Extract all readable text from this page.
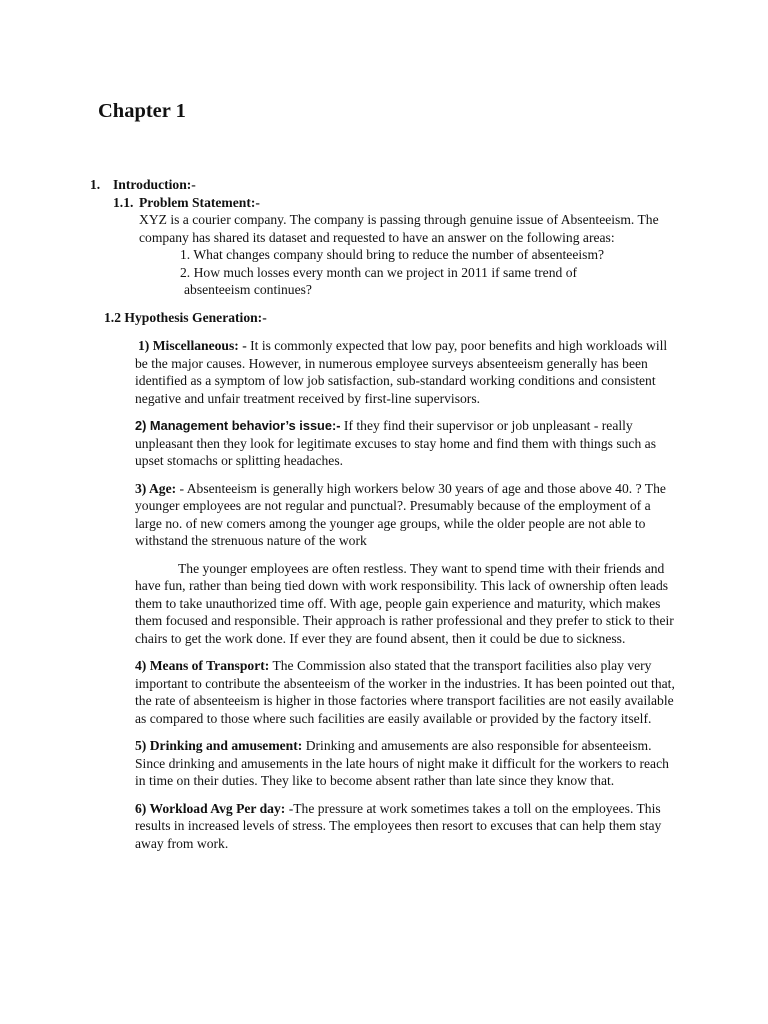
Chapter 1

1. Introduction:-

1.1. Problem Statement:-

XYZ is a courier company. The company is passing through genuine issue of Absenteeism. The company has shared its dataset and requested to have an answer on the following areas:

1. What changes company should bring to reduce the number of absenteeism?

2. How much losses every month can we project in 2011 if same trend of

absenteeism continues?

1.2 Hypothesis Generation:-

1) Miscellaneous: - It is commonly expected that low pay, poor benefits and high workloads will be the major causes. However, in numerous employee surveys absenteeism generally has been identified as a symptom of low job satisfaction, sub-standard working conditions and consistent negative and unfair treatment received by first-line supervisors.

2) Management behavior’s issue:- If they find their supervisor or job unpleasant - really unpleasant then they look for legitimate excuses to stay home and find them with things such as upset stomachs or splitting headaches.

3) Age: - Absenteeism is generally high workers below 30 years of age and those above 40. ? The younger employees are not regular and punctual?. Presumably because of the employment of a large no. of new comers among the younger age groups, while the older people are not able to withstand the strenuous nature of the work

The younger employees are often restless. They want to spend time with their friends and have fun, rather than being tied down with work responsibility. This lack of ownership often leads them to take unauthorized time off. With age, people gain experience and maturity, which makes them focused and responsible. Their approach is rather professional and they prefer to stick to their chairs to get the work done. If ever they are found absent, then it could be due to sickness.

4) Means of Transport: The Commission also stated that the transport facilities also play very important to contribute the absenteeism of the worker in the industries. It has been pointed out that, the rate of absenteeism is higher in those factories where transport facilities are not easily available as compared to those where such facilities are easily available or provided by the factory itself.

5) Drinking and amusement: Drinking and amusements are also responsible for absenteeism. Since drinking and amusements in the late hours of night make it difficult for the workers to reach in time on their duties. They like to become absent rather than late since they know that.

6) Workload Avg Per day: -The pressure at work sometimes takes a toll on the employees. This results in increased levels of stress. The employees then resort to excuses that can help them stay away from work.
